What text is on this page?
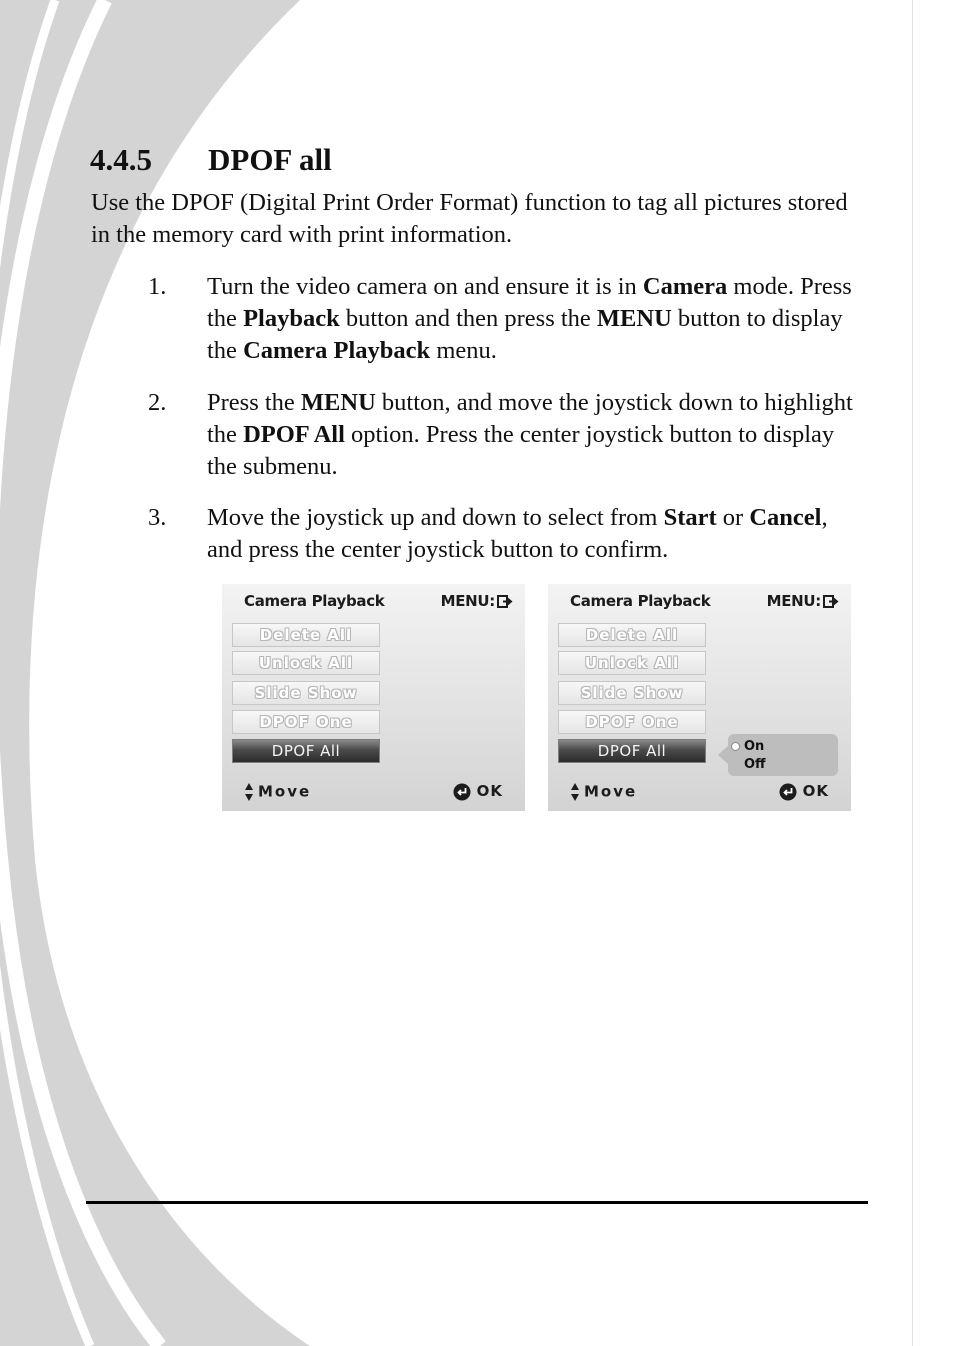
4.4.5 DPOF all

Use the DPOF (Digital Print Order Format) function to tag all pictures stored in the memory card with print information.

1. Turn the video camera on and ensure it is in Camera mode. Press the Playback button and then press the MENU button to display the Camera Playback menu.
2. Press the MENU button, and move the joystick down to highlight the DPOF All option. Press the center joystick button to display the submenu.
3. Move the joystick up and down to select from Start or Cancel, and press the center joystick button to confirm.
Camera Playback	MENU:
Delete All
Unlock All
Slide Show
DPOF One
DPOF All
Move	OK
Camera Playback	MENU:
Delete All
Unlock All
Slide Show
DPOF One
DPOF All	On
Off
Move	OK
